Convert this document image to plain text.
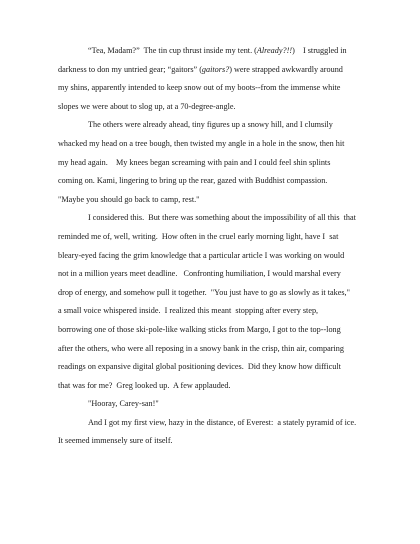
“Tea, Madam?”  The tin cup thrust inside my tent. (Already?!!)    I struggled in
darkness to don my untried gear; “gaitors” (gaitors?) were strapped awkwardly around
my shins, apparently intended to keep snow out of my boots--from the immense white
slopes we were about to slog up, at a 70-degree-angle.

The others were already ahead, tiny figures up a snowy hill, and I clumsily
whacked my head on a tree bough, then twisted my angle in a hole in the snow, then hit
my head again.    My knees began screaming with pain and I could feel shin splints
coming on. Kami, lingering to bring up the rear, gazed with Buddhist compassion.
"Maybe you should go back to camp, rest."

I considered this.  But there was something about the impossibility of all this  that
reminded me of, well, writing.  How often in the cruel early morning light, have I  sat
bleary-eyed facing the grim knowledge that a particular article I was working on would
not in a million years meet deadline.   Confronting humiliation, I would marshal every
drop of energy, and somehow pull it together.  "You just have to go as slowly as it takes,"
a small voice whispered inside.  I realized this meant  stopping after every step,
borrowing one of those ski-pole-like walking sticks from Margo, I got to the top--long
after the others, who were all reposing in a snowy bank in the crisp, thin air, comparing
readings on expansive digital global positioning devices.  Did they know how difficult
that was for me?  Greg looked up.  A few applauded.

"Hooray, Carey-san!"

And I got my first view, hazy in the distance, of Everest:  a stately pyramid of ice.
It seemed immensely sure of itself.
